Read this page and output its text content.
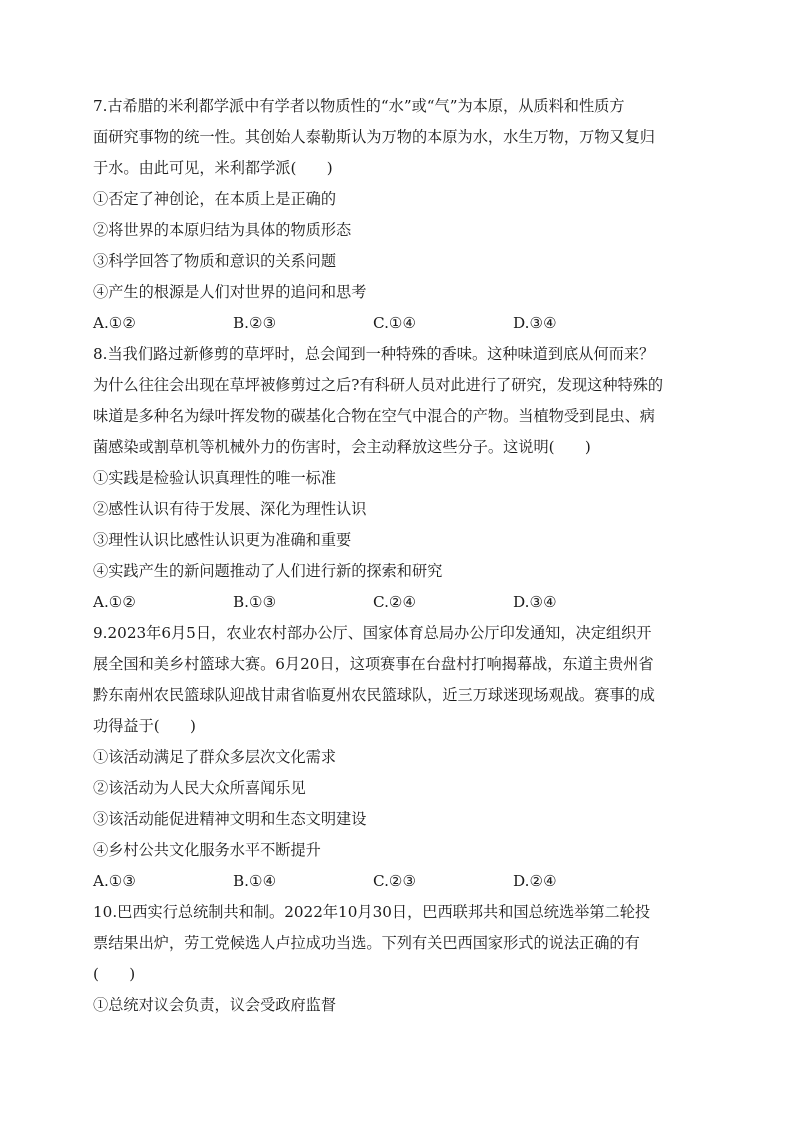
7.古希腊的米利都学派中有学者以物质性的“水”或“气”为本原，从质料和性质方
面研究事物的统一性。其创始人泰勒斯认为万物的本原为水，水生万物，万物又复归
于水。由此可见，米利都学派(　　)
①否定了神创论，在本质上是正确的
②将世界的本原归结为具体的物质形态
③科学回答了物质和意识的关系问题
④产生的根源是人们对世界的追问和思考
A.①②	B.②③	C.①④	D.③④
8.当我们路过新修剪的草坪时，总会闻到一种特殊的香味。这种味道到底从何而来？
为什么往往会出现在草坪被修剪过之后?有科研人员对此进行了研究，发现这种特殊的
味道是多种名为绿叶挥发物的碳基化合物在空气中混合的产物。当植物受到昆虫、病
菌感染或割草机等机械外力的伤害时，会主动释放这些分子。这说明(　　)
①实践是检验认识真理性的唯一标准
②感性认识有待于发展、深化为理性认识
③理性认识比感性认识更为准确和重要
④实践产生的新问题推动了人们进行新的探索和研究
A.①②	B.①③	C.②④	D.③④
9.2023年6月5日，农业农村部办公厅、国家体育总局办公厅印发通知，决定组织开
展全国和美乡村篮球大赛。6月20日，这项赛事在台盘村打响揭幕战，东道主贵州省
黔东南州农民篮球队迎战甘肃省临夏州农民篮球队，近三万球迷现场观战。赛事的成
功得益于(　　)
①该活动满足了群众多层次文化需求
②该活动为人民大众所喜闻乐见
③该活动能促进精神文明和生态文明建设
④乡村公共文化服务水平不断提升
A.①③	B.①④	C.②③	D.②④
10.巴西实行总统制共和制。2022年10月30日，巴西联邦共和国总统选举第二轮投
票结果出炉，劳工党候选人卢拉成功当选。下列有关巴西国家形式的说法正确的有
(　　)
①总统对议会负责，议会受政府监督
